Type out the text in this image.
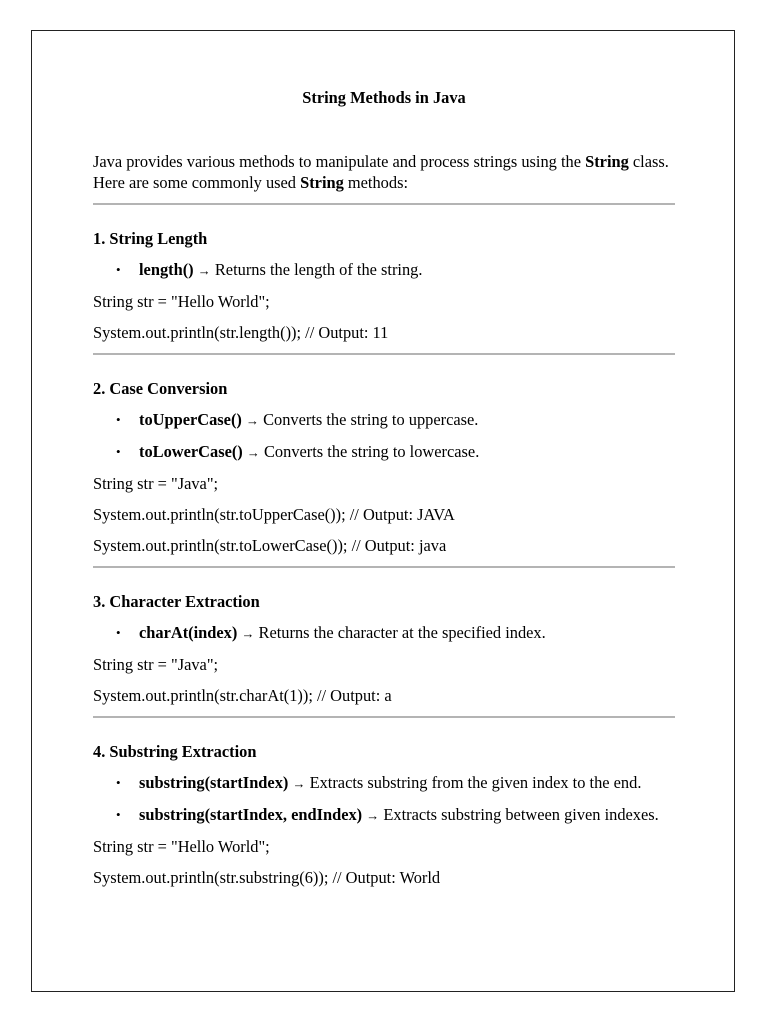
String Methods in Java

Java provides various methods to manipulate and process strings using the String class. Here are some commonly used String methods:

1. String Length
• length() → Returns the length of the string.
String str = "Hello World";
System.out.println(str.length()); // Output: 11
2. Case Conversion
• toUpperCase() → Converts the string to uppercase.
• toLowerCase() → Converts the string to lowercase.
String str = "Java";
System.out.println(str.toUpperCase()); // Output: JAVA
System.out.println(str.toLowerCase()); // Output: java
3. Character Extraction
• charAt(index) → Returns the character at the specified index.
String str = "Java";
System.out.println(str.charAt(1)); // Output: a
4. Substring Extraction
• substring(startIndex) → Extracts substring from the given index to the end.
• substring(startIndex, endIndex) → Extracts substring between given indexes.
String str = "Hello World";
System.out.println(str.substring(6)); // Output: World
